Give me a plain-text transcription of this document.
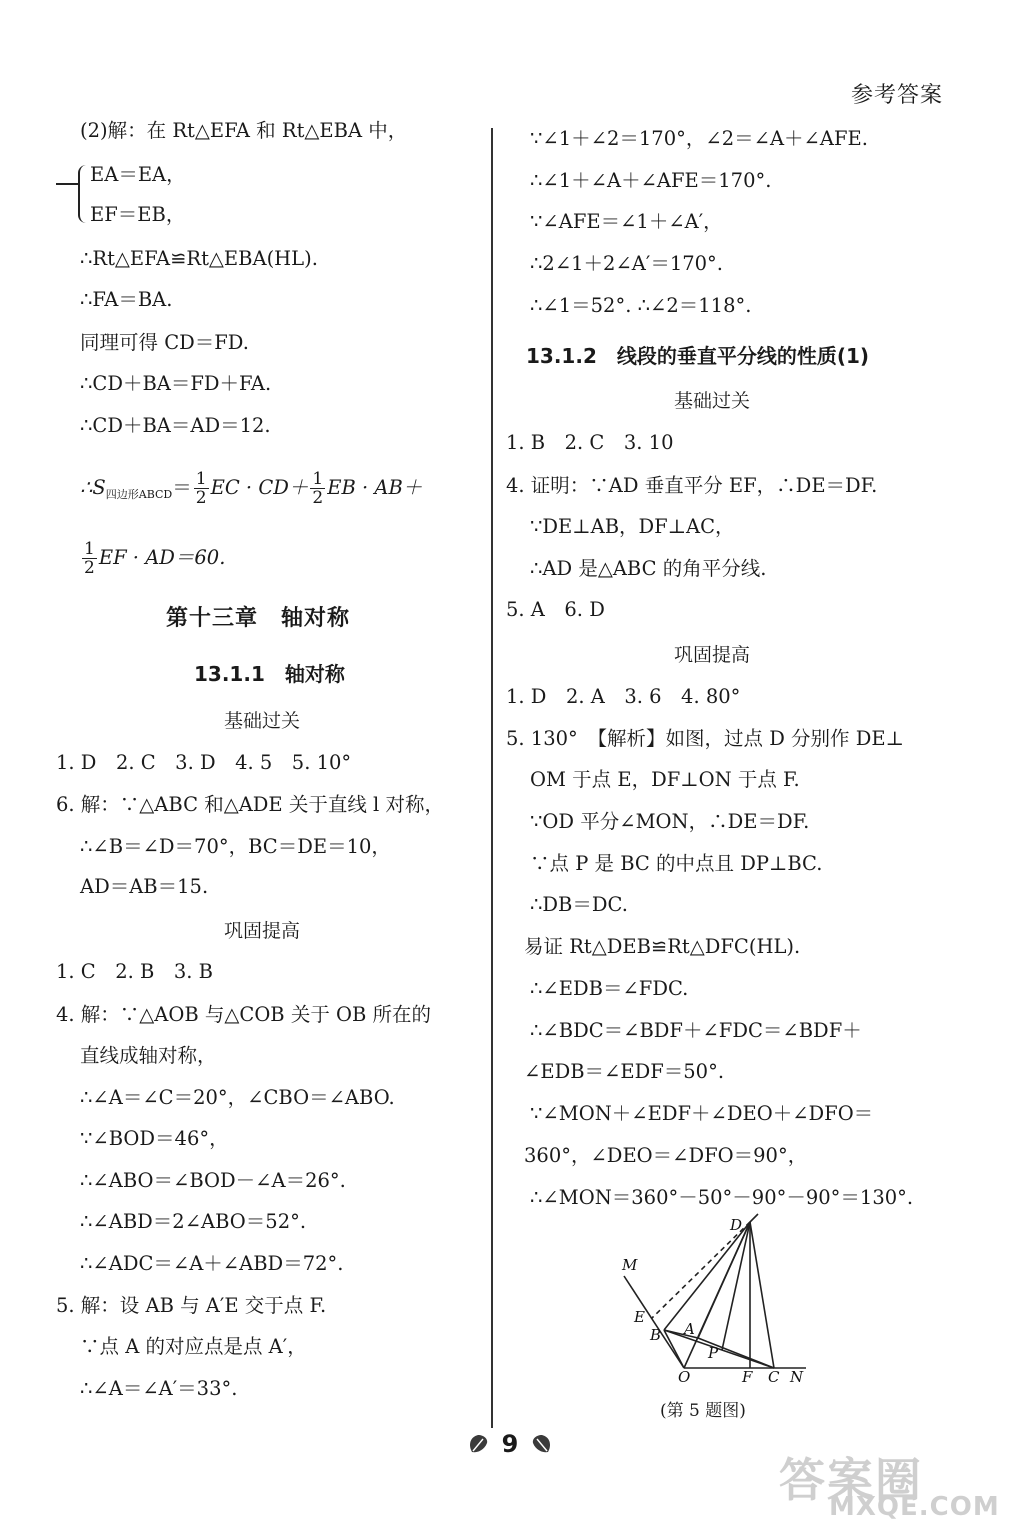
参考答案
(2)解：在 Rt△EFA 和 Rt△EBA 中，
EA＝EA，
EF＝EB，
∴Rt△EFA≌Rt△EBA(HL).
∴FA＝BA.
同理可得 CD＝FD.
∴CD＋BA＝FD＋FA.
∴CD＋BA＝AD＝12.
$\therefore S_{四边形ABCD}= \frac{1}{2}$ EC · $CD+ \frac{1}{2}$ EB · AB＋
$\frac{1}{2}$ EF · AD＝60.
第十三章　轴对称
13.1.1　轴对称
基础过关
1. D　2. C　3. D　4. 5　5. 10°
6. 解：∵△ABC 和△ADE 关于直线 l 对称，
∴∠B＝∠D＝70°，BC＝DE＝10，
AD＝AB＝15.
巩固提高
1. C　2. B　3. B
4. 解：∵△AOB 与△COB 关于 OB 所在的
直线成轴对称，
∴∠A＝∠C＝20°，∠CBO＝∠ABO.
∵∠BOD＝46°，
∴∠ABO＝∠BOD－∠A＝26°.
∴∠ABD＝2∠ABO＝52°.
∴∠ADC＝∠A＋∠ABD＝72°.
5. 解：设 AB 与 A′E 交于点 F.
∵点 A 的对应点是点 A′，
∴∠A＝∠A′＝33°.
∵∠1＋∠2＝170°，∠2＝∠A＋∠AFE.
∴∠1＋∠A＋∠AFE＝170°.
∵∠AFE＝∠1＋∠A′，
∴2∠1＋2∠A′＝170°.
∴∠1＝52°. ∴∠2＝118°.
13.1.2　线段的垂直平分线的性质(1)
基础过关
1. B　2. C　3. 10
4. 证明：∵AD 垂直平分 EF，∴DE＝DF.
∵DE⊥AB，DF⊥AC，
∴AD 是△ABC 的角平分线.
5. A　6. D
巩固提高
1. D　2. A　3. 6　4. 80°
5. 130°　【解析】如图，过点 D 分别作 DE⊥
OM 于点 E，DF⊥ON 于点 F.
∵OD 平分∠MON，∴DE＝DF.
∵点 P 是 BC 的中点且 DP⊥BC.
∴DB＝DC.
易证 Rt△DEB≌Rt△DFC(HL).
∴∠EDB＝∠FDC.
∴∠BDC＝∠BDF＋∠FDC＝∠BDF＋
∠EDB＝∠EDF＝50°.
∵∠MON＋∠EDF＋∠DEO＋∠DFO＝
360°，∠DEO＝∠DFO＝90°，
∴∠MON＝360°－50°－90°－90°＝130°.
D
M
E
B A
P
O	F C N
(第 5 题图)
9
答案圈
MXQE.COM
